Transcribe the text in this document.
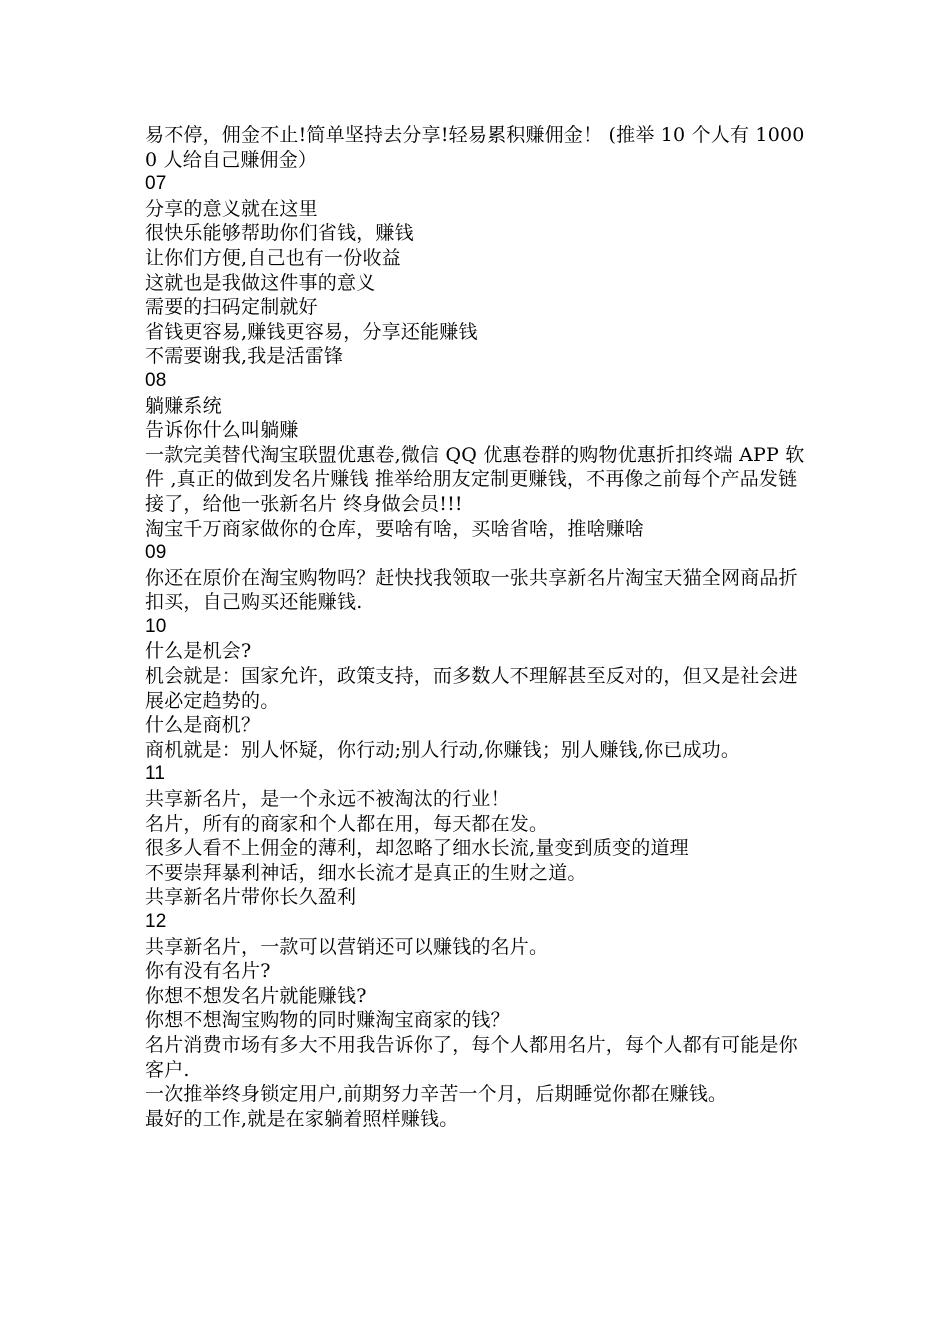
易不停，佣金不止!简单坚持去分享!轻易累积赚佣金！ (推举 10 个人有 10000 人给自己赚佣金）

07

分享的意义就在这里

很快乐能够帮助你们省钱，赚钱

让你们方便,自己也有一份收益

这就也是我做这件事的意义

需要的扫码定制就好

省钱更容易,赚钱更容易，分享还能赚钱

不需要谢我,我是活雷锋

08

躺赚系统

告诉你什么叫躺赚

一款完美替代淘宝联盟优惠卷,微信 QQ 优惠卷群的购物优惠折扣终端 APP 软件 ,真正的做到发名片赚钱 推举给朋友定制更赚钱，不再像之前每个产品发链接了，给他一张新名片 终身做会员!!!

淘宝千万商家做你的仓库，要啥有啥，买啥省啥，推啥赚啥

09

你还在原价在淘宝购物吗？赶快找我领取一张共享新名片淘宝天猫全网商品折扣买，自己购买还能赚钱.

10

什么是机会?

机会就是：国家允许，政策支持，而多数人不理解甚至反对的，但又是社会进展必定趋势的。

什么是商机？

商机就是：别人怀疑，你行动;别人行动,你赚钱；别人赚钱,你已成功。

11

共享新名片，是一个永远不被淘汰的行业！

名片，所有的商家和个人都在用，每天都在发。

很多人看不上佣金的薄利，却忽略了细水长流,量变到质变的道理

不要崇拜暴利神话，细水长流才是真正的生财之道。

共享新名片带你长久盈利

12

共享新名片，一款可以营销还可以赚钱的名片。

你有没有名片?

你想不想发名片就能赚钱?

你想不想淘宝购物的同时赚淘宝商家的钱？

名片消费市场有多大不用我告诉你了，每个人都用名片，每个人都有可能是你客户.

一次推举终身锁定用户,前期努力辛苦一个月，后期睡觉你都在赚钱。

最好的工作,就是在家躺着照样赚钱。
